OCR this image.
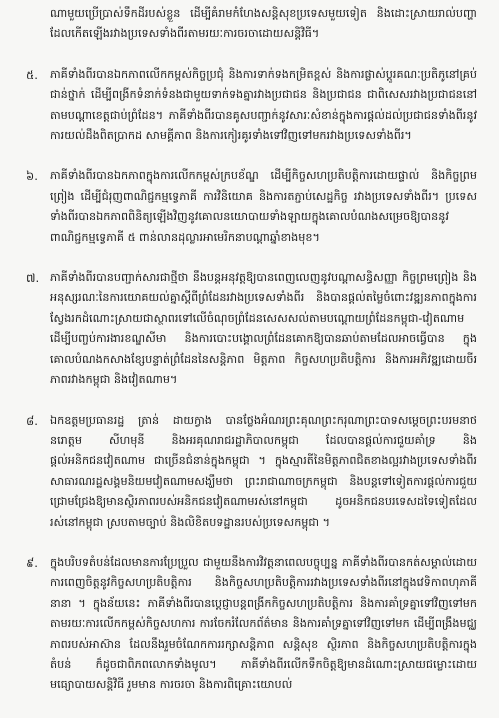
ណាមួយប្រើប្រាស់ទឹកដីរបស់ខ្លួន ដើម្បីគំរាមកំហែងសន្តិសុខប្រទេសមួយទៀត និងដោះស្រាយរាល់បញ្ហាដែលកើតឡើងរវាងប្រទេសទាំងពីរតាមរយៈការចរចាដោយសន្តិវិធី។

៥. ភាគីទាំងពីរបានឯកភាពលើកកម្ពស់កិច្ចប្រជុំ និងការទាក់ទងកម្រិតខ្ពស់ និងការផ្លាស់ប្តូរគណៈប្រតិភូនៅគ្រប់ជាន់ថ្នាក់ ដើម្បីពង្រីកទំនាក់ទំនងជាមួយទាក់ទងគ្នារវាងប្រជាជន និងប្រជាជន ជាពិសេសរវាងប្រជាជននៅតាមបណ្តាខេត្តជាប់ព្រំដែន។ ភាគីទាំងពីរបានគូសបញ្ជាក់នូវសារៈសំខាន់ក្នុងការផ្តល់ដល់ប្រជាជនទាំងពីរនូវការយល់ដឹងពិតប្រាកដ សាមគ្គីភាព និងការកៀរគូរទាំងទៅវិញទៅមករវាងប្រទេសទាំងពីរ។

៦. ភាគីទាំងពីរបានឯកភាពក្នុងការលើកកម្ពស់ក្របខ័ណ្ឌ ដើម្បីកិច្ចសហប្រតិបត្តិការដោយផ្ទាល់ និងកិច្ចព្រមព្រៀង ដើម្បីជំរុញពាណិជ្ជកម្មទ្វេភាគី ការវិនិយោគ និងការតភ្ជាប់សេដ្ឋកិច្ច រវាងប្រទេសទាំងពីរ។ ប្រទេសទាំងពីរបានឯកភាពពិនិត្យឡើងវិញនូវគោលនយោបាយទាំងឡាយក្នុងគោលបំណងសម្រេចឱ្យបាននូវពាណិជ្ជកម្មទ្វេភាគី ៥ ពាន់លានដុល្លារអាមេរិកនាបណ្តាឆ្នាំខាងមុខ។

៧. ភាគីទាំងពីរបានបញ្ជាក់សារជាថ្មីថា នឹងបន្តអនុវត្តឱ្យបានពេញលេញនូវបណ្តាសន្ធិសញ្ញា កិច្ចព្រមព្រៀង និងអនុស្សរណៈនៃការយោគយល់គ្នាស្តីពីព្រំដែនរវាងប្រទេសទាំងពីរ និងបានផ្តល់តម្លៃចំពោះវឌ្ឍនភាពក្នុងការស្វែងរកដំណោះស្រាយជាស្ថាពរទៅលើចំណុចព្រំដែនសេសសល់តាមបណ្តោយព្រំដែនកម្ពុជា-វៀតណាម ដើម្បីបញ្ចប់ការងារខណ្ឌសីមា និងការបោះបង្គោលព្រំដែនគោកឱ្យបានឆាប់តាមដែលអាចធ្វើបាន ក្នុងគោលបំណងកសាងខ្សែបន្ទាត់ព្រំដែននៃសន្តិភាព មិត្តភាព កិច្ចសហប្រតិបត្តិការ និងការអភិវឌ្ឍដោយចីរភាពរវាងកម្ពុជា និងវៀតណាម។

៨. ឯកឧត្តមប្រធានរដ្ឋ ត្រាន់ ដាយក្វាង បានថ្លែងអំណរព្រះគុណព្រះករុណាព្រះបាទសម្តេចព្រះបរមនាថ នរោត្តម សីហមុនី និងអរគុណរាជរដ្ឋាភិបាលកម្ពុជា ដែលបានផ្តល់ការជួយគាំទ្រ និងផ្តល់អនិកជនវៀតណាម ជាច្រើនជំនាន់ក្នុងកម្ពុជា ។ ក្នុងស្មារតីនៃមិត្តភាពជិតខាងល្អរវាងប្រទេសទាំងពីរ សាធារណរដ្ឋសង្គមនិយមវៀតណាមសង្ឃឹមថា ព្រះរាជាណាចក្រកម្ពុជា និងបន្តទៅទៀតការផ្តល់ការជួយជ្រោមជ្រែងឱ្យមានស្ថិរភាពរបស់អនិកជនវៀតណាមរស់នៅកម្ពុជា ដូចអនិកជនបរទេសដទៃទៀតដែលរស់នៅកម្ពុជា ស្របតាមច្បាប់ និងលិខិតបទដ្ឋានរបស់ប្រទេសកម្ពុជា ។

៩. ក្នុងបរិបទតំបន់ដែលមានការប្រែប្រួល ជាមួយនឹងការវិវត្តនាពេលបច្ចុប្បន្ន ភាគីទាំងពីរបានកត់សម្គាល់ដោយការពេញចិត្តនូវកិច្ចសហប្រតិបត្តិការ និងកិច្ចសហប្រតិបត្តិការរវាងប្រទេសទាំងពីរនៅក្នុងវេទិកាពហុភាគីនានា ។ ក្នុងន័យនេះ ភាគីទាំងពីរបានប្តេជ្ញាបន្តពង្រីកកិច្ចសហប្រតិបត្តិការ និងការគាំទ្រគ្នាទៅវិញទៅមក តាមរយៈការលើកកម្ពស់កិច្ចសហការ ការចែករំលែកព័ត៌មាន និងការគាំទ្រគ្នាទៅវិញទៅមក ដើម្បីពង្រឹងមជ្ឈភាពរបស់អាស៊ាន ដែលនឹងរួមចំណែកការរក្សាសន្តិភាព សន្តិសុខ ស្ថិរភាព និងកិច្ចសហប្រតិបត្តិការក្នុងតំបន់ ក៏ដូចជាពិភពលោកទាំងមូល។ ភាគីទាំងពីរលើកទឹកចិត្តឱ្យមានដំណោះស្រាយជម្លោះដោយមធ្យោបាយសន្តិវិធី រួមមាន ការចរចា និងការពិគ្រោះយោបល់
